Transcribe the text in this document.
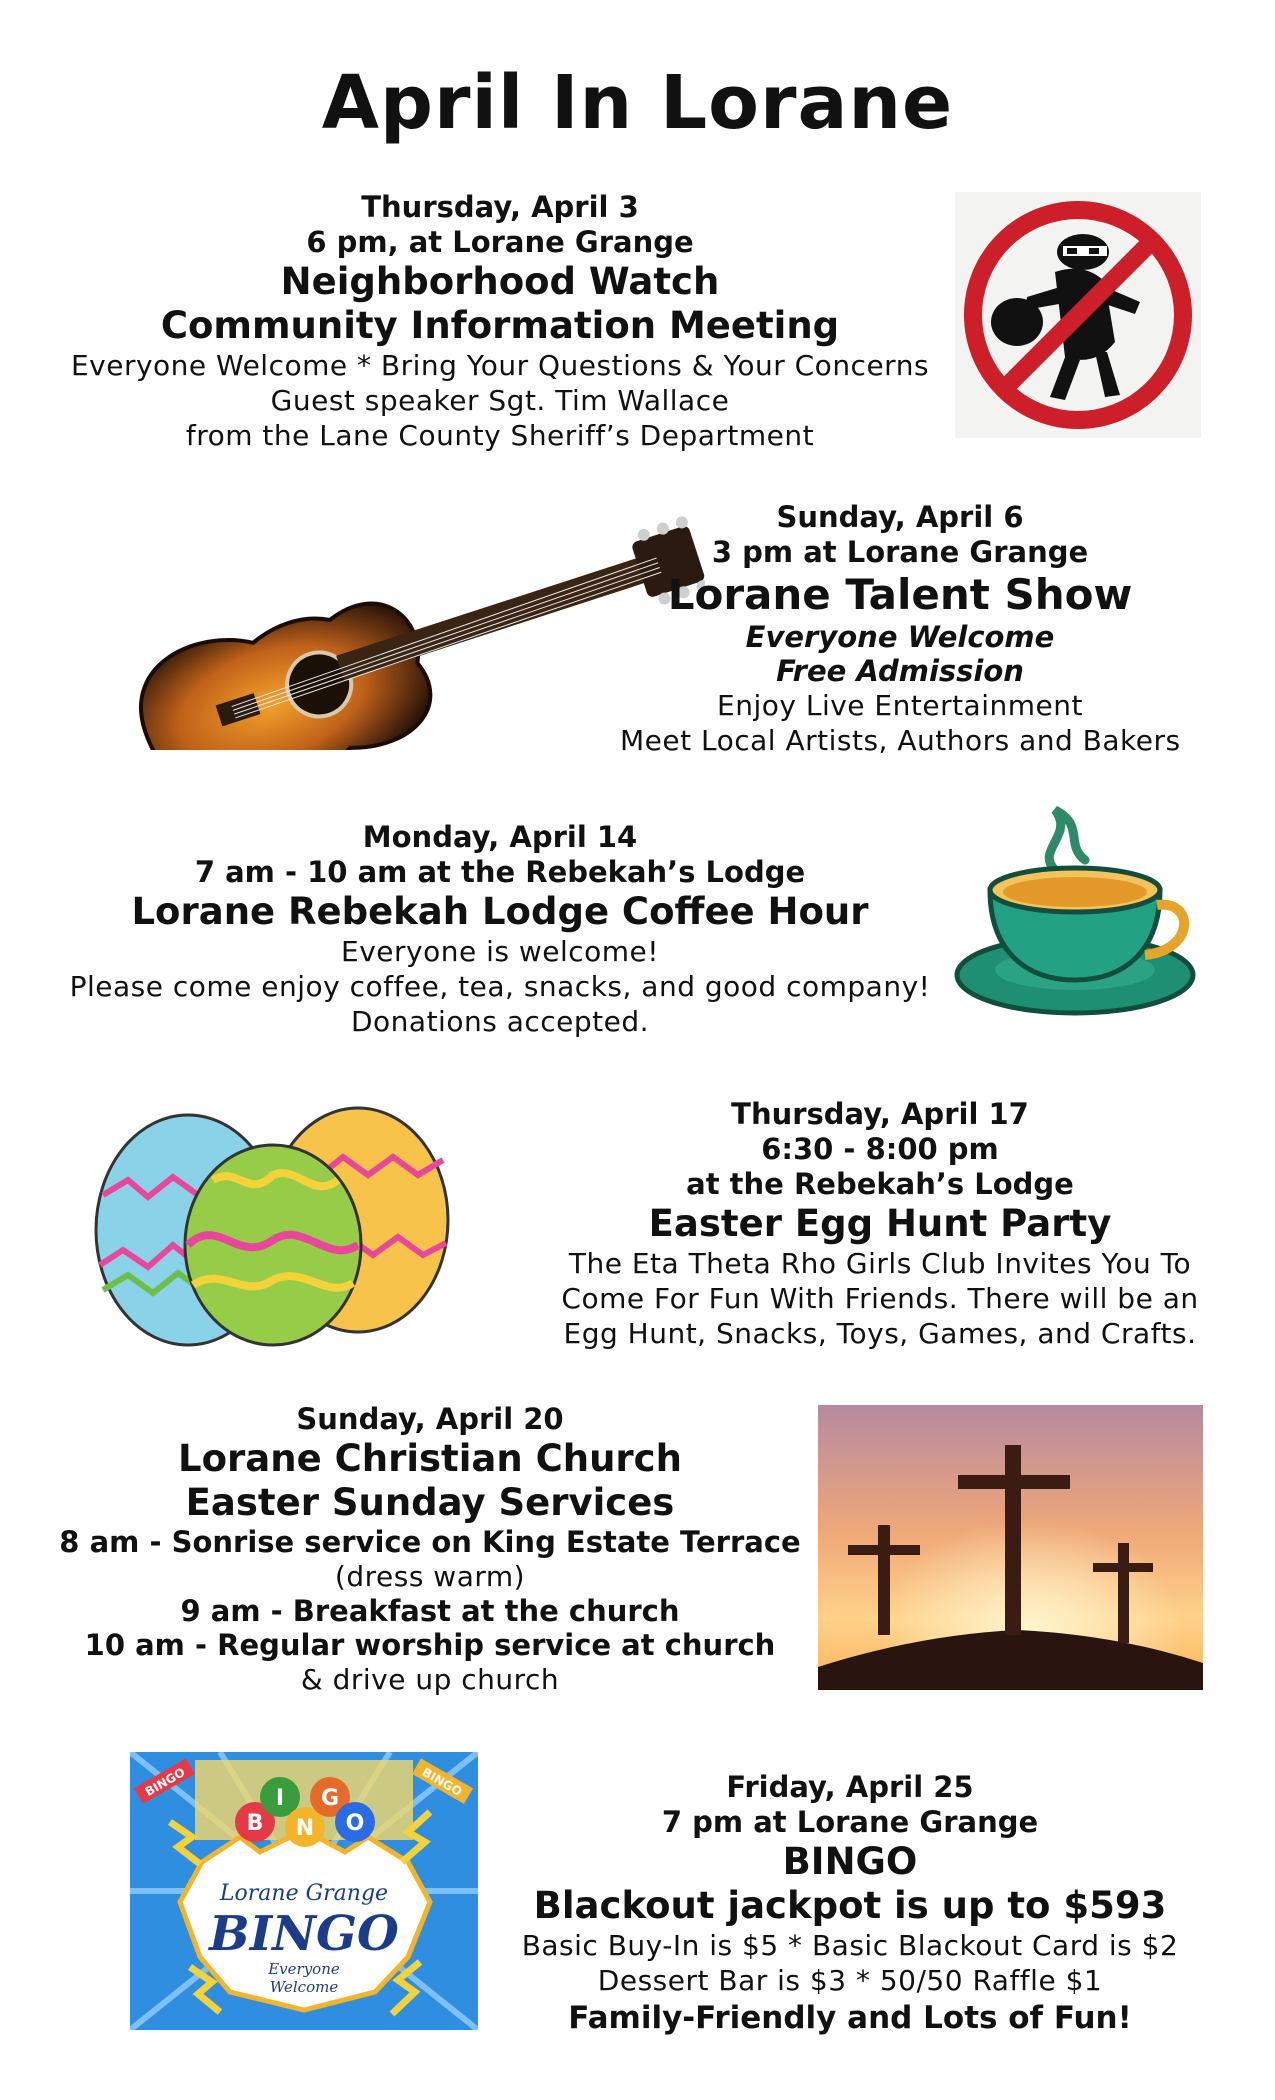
April In Lorane
Thursday, April 3
6 pm, at Lorane Grange
Neighborhood Watch
Community Information Meeting
Everyone Welcome * Bring Your Questions & Your Concerns
Guest speaker Sgt. Tim Wallace
from the Lane County Sheriff’s Department
Sunday, April 6
3 pm at Lorane Grange
Lorane Talent Show
Everyone Welcome
Free Admission
Enjoy Live Entertainment
Meet Local Artists, Authors and Bakers
Monday, April 14
7 am - 10 am at the Rebekah’s Lodge
Lorane Rebekah Lodge Coffee Hour
Everyone is welcome!
Please come enjoy coffee, tea, snacks, and good company!
Donations accepted.
Thursday, April 17
6:30 - 8:00 pm
at the Rebekah’s Lodge
Easter Egg Hunt Party
The Eta Theta Rho Girls Club Invites You To
Come For Fun With Friends. There will be an
Egg Hunt, Snacks, Toys, Games, and Crafts.
Sunday, April 20
Lorane Christian Church
Easter Sunday Services
8 am - Sonrise service on King Estate Terrace
(dress warm)
9 am - Breakfast at the church
10 am - Regular worship service at church
& drive up church
B
I
N
G
O
BINGO	BINGO
Lorane Grange
BINGO
Everyone
Welcome
Friday, April 25
7 pm at Lorane Grange
BINGO
Blackout jackpot is up to $593
Basic Buy-In is $5 * Basic Blackout Card is $2
Dessert Bar is $3 * 50/50 Raffle $1
Family-Friendly and Lots of Fun!
